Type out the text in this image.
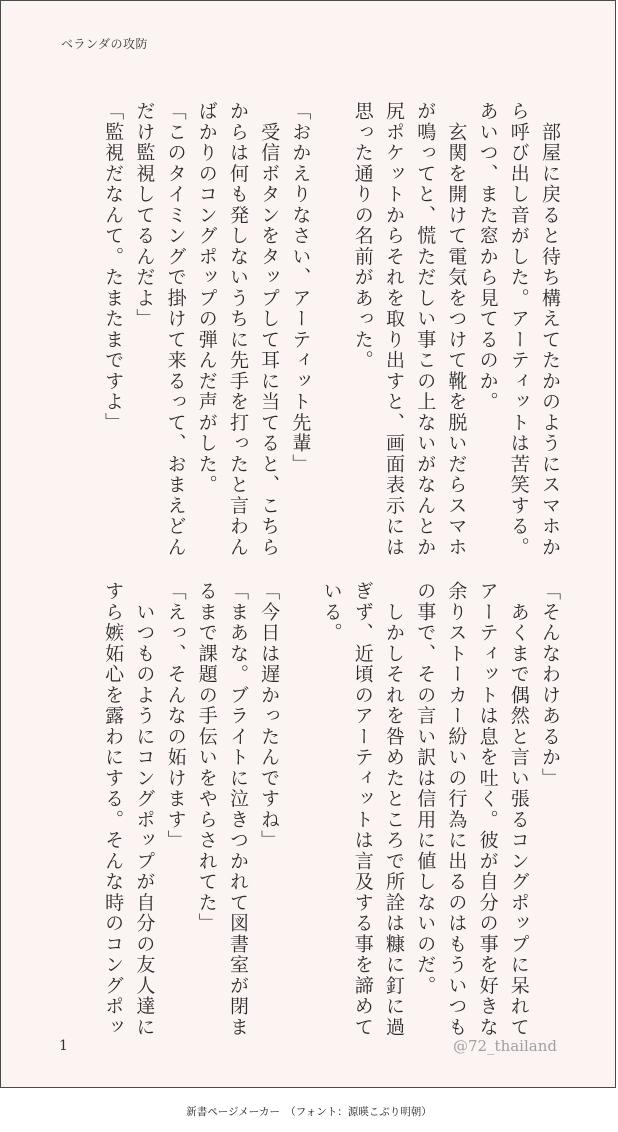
ベランダの攻防
　部屋に戻ると待ち構えてたかのようにスマホか
ら呼び出し音がした。アーティットは苦笑する。
あいつ、また窓から見てるのか。
　玄関を開けて電気をつけて靴を脱いだらスマホ
が鳴ってと、慌ただしい事この上ないがなんとか
尻ポケットからそれを取り出すと、画面表示には
思った通りの名前があった。

「おかえりなさい、アーティット先輩」
　受信ボタンをタップして耳に当てると、こちら
からは何も発しないうちに先手を打ったと言わん
ばかりのコングポップの弾んだ声がした。
「このタイミングで掛けて来るって、おまえどん
だけ監視してるんだよ」
「監視だなんて。たまたまですよ」
「そんなわけあるか」
　あくまで偶然と言い張るコングポップに呆れて
アーティットは息を吐く。彼が自分の事を好きな
余りストーカー紛いの行為に出るのはもういつも
の事で、その言い訳は信用に値しないのだ。
　しかしそれを咎めたところで所詮は糠に釘に過
ぎず、近頃のアーティットは言及する事を諦めて
いる。

「今日は遅かったんですね」
「まあな。ブライトに泣きつかれて図書室が閉ま
るまで課題の手伝いをやらされてた」
「えっ、そんなの妬けます」
　いつものようにコングポップが自分の友人達に
すら嫉妬心を露わにする。そんな時のコングポッ
1	@72_thailand
新書ページメーカー　（フォント：源暎こぶり明朝）
